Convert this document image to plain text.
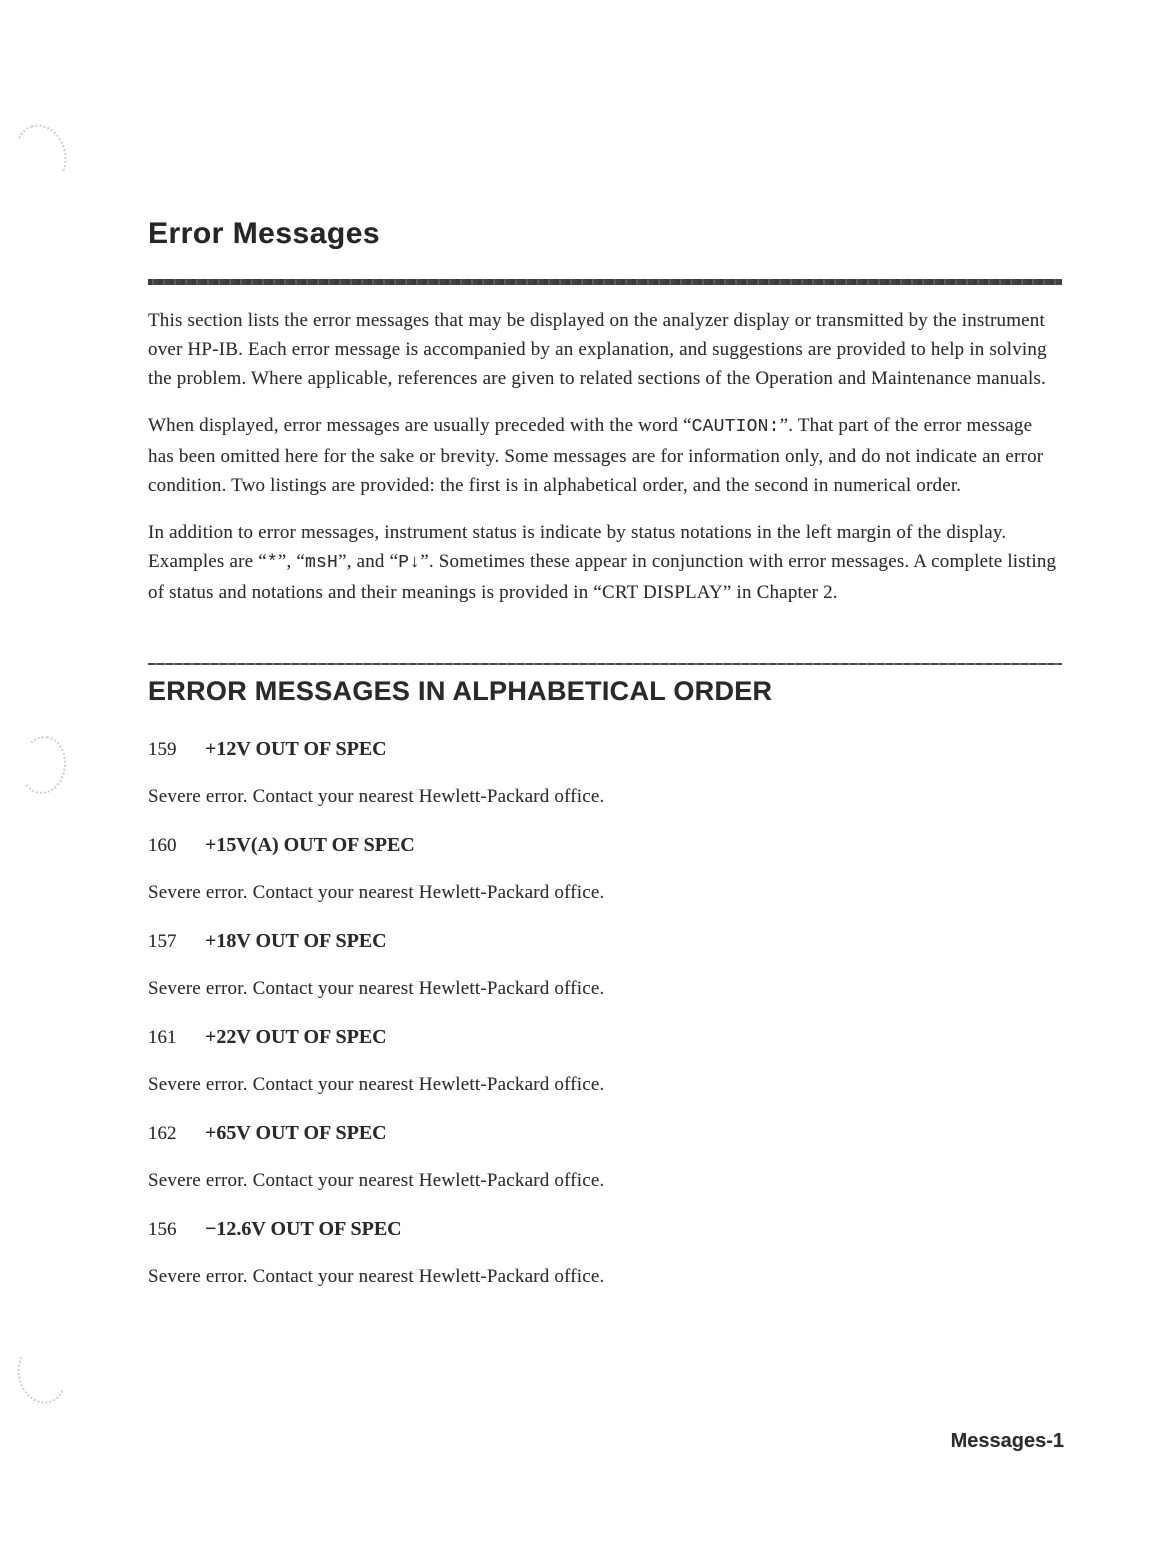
Error Messages

This section lists the error messages that may be displayed on the analyzer display or transmitted by the instrument over HP-IB. Each error message is accompanied by an explanation, and suggestions are provided to help in solving the problem. Where applicable, references are given to related sections of the Operation and Maintenance manuals.

When displayed, error messages are usually preceded with the word “CAUTION:”. That part of the error message has been omitted here for the sake or brevity. Some messages are for information only, and do not indicate an error condition. Two listings are provided: the first is in alphabetical order, and the second in numerical order.

In addition to error messages, instrument status is indicate by status notations in the left margin of the display. Examples are “*”, “msH”, and “P↓”. Sometimes these appear in conjunction with error messages. A complete listing of status and notations and their meanings is provided in “CRT DISPLAY” in Chapter 2.

ERROR MESSAGES IN ALPHABETICAL ORDER

159 +12V OUT OF SPEC

Severe error. Contact your nearest Hewlett-Packard office.

160 +15V(A) OUT OF SPEC

Severe error. Contact your nearest Hewlett-Packard office.

157 +18V OUT OF SPEC

Severe error. Contact your nearest Hewlett-Packard office.

161 +22V OUT OF SPEC

Severe error. Contact your nearest Hewlett-Packard office.

162 +65V OUT OF SPEC

Severe error. Contact your nearest Hewlett-Packard office.

156 −12.6V OUT OF SPEC

Severe error. Contact your nearest Hewlett-Packard office.

Messages-1
